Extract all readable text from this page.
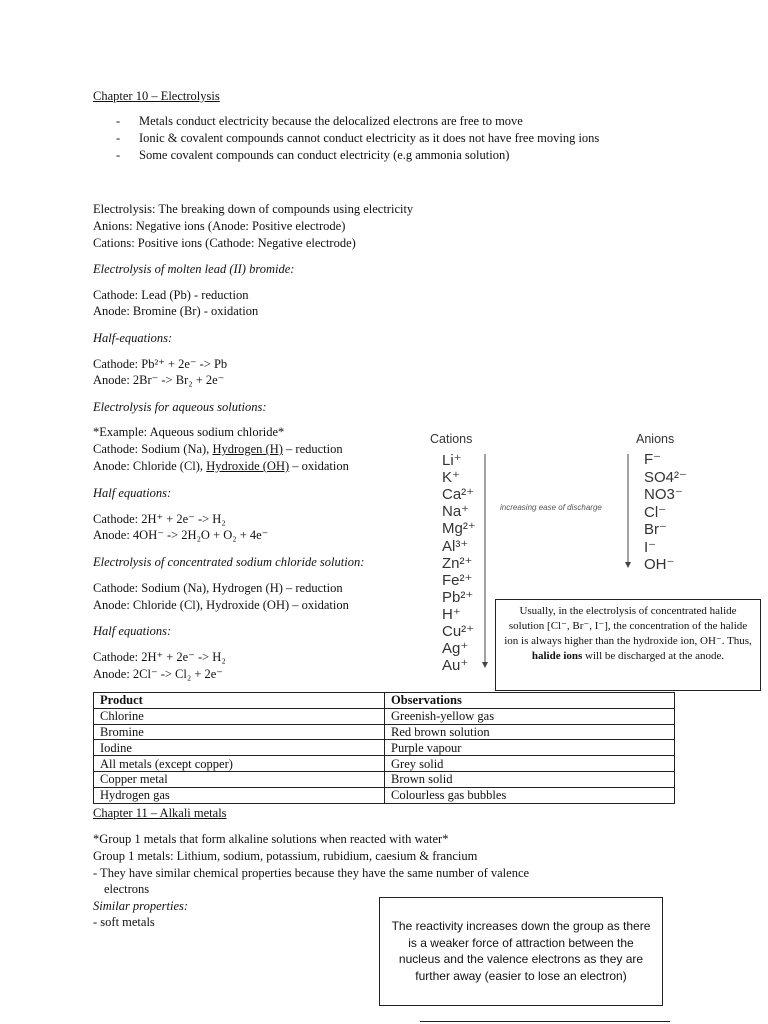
Chapter 10 – Electrolysis
- Metals conduct electricity because the delocalized electrons are free to move
- Ionic & covalent compounds cannot conduct electricity as it does not have free moving ions
- Some covalent compounds can conduct electricity (e.g ammonia solution)
Electrolysis: The breaking down of compounds using electricity
Anions: Negative ions (Anode: Positive electrode)
Cations: Positive ions (Cathode: Negative electrode)
Electrolysis of molten lead (II) bromide:
Cathode: Lead (Pb) - reduction
Anode: Bromine (Br) - oxidation
Half-equations:
Cathode: Pb²⁺ + 2e⁻ -> Pb
Anode: 2Br⁻ -> Br₂ + 2e⁻
Electrolysis for aqueous solutions:
*Example: Aqueous sodium chloride*
Cathode: Sodium (Na), Hydrogen (H) – reduction
Anode: Chloride (Cl), Hydroxide (OH) – oxidation
Half equations:
Cathode: 2H⁺ + 2e⁻ -> H₂
Anode: 4OH⁻ -> 2H₂O + O₂ + 4e⁻
Electrolysis of concentrated sodium chloride solution:
Cathode: Sodium (Na), Hydrogen (H) – reduction
Anode: Chloride (Cl), Hydroxide (OH) – oxidation
Half equations:
Cathode: 2H⁺ + 2e⁻ -> H₂
Anode: 2Cl⁻ -> Cl₂ + 2e⁻
Cations	Anions
increasing ease of discharge
Li⁺
K⁺
Ca²⁺
Na⁺
Mg²⁺
Al³⁺
Zn²⁺
Fe²⁺
Pb²⁺
H⁺
Cu²⁺
Ag⁺
Au⁺
F⁻
SO4²⁻
NO3⁻
Cl⁻
Br⁻
I⁻
OH⁻
Usually, in the electrolysis of concentrated halide solution [Cl⁻, Br⁻, I⁻], the concentration of the halide ion is always higher than the hydroxide ion, OH⁻. Thus, halide ions will be discharged at the anode.
Product	Observations
Chlorine	Greenish-yellow gas
Bromine	Red brown solution
Iodine	Purple vapour
All metals (except copper)	Grey solid
Copper metal	Brown solid
Hydrogen gas	Colourless gas bubbles
Chapter 11 – Alkali metals
*Group 1 metals that form alkaline solutions when reacted with water*
Group 1 metals: Lithium, sodium, potassium, rubidium, caesium & francium
- They have similar chemical properties because they have the same number of valence
electrons
Similar properties:
- soft metals	The reactivity increases down the group as there is a weaker force of attraction between the nucleus and the valence electrons as they are further away (easier to lose an electron)
